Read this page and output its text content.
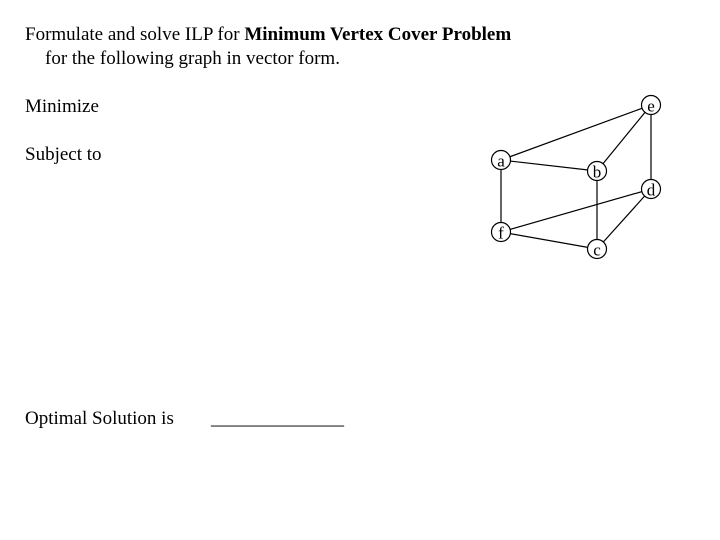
Formulate and solve ILP for Minimum Vertex Cover Problem
for the following graph in vector form.
Minimize
Subject to
Optimal Solution is ______________
a
b
c
d
e
f
